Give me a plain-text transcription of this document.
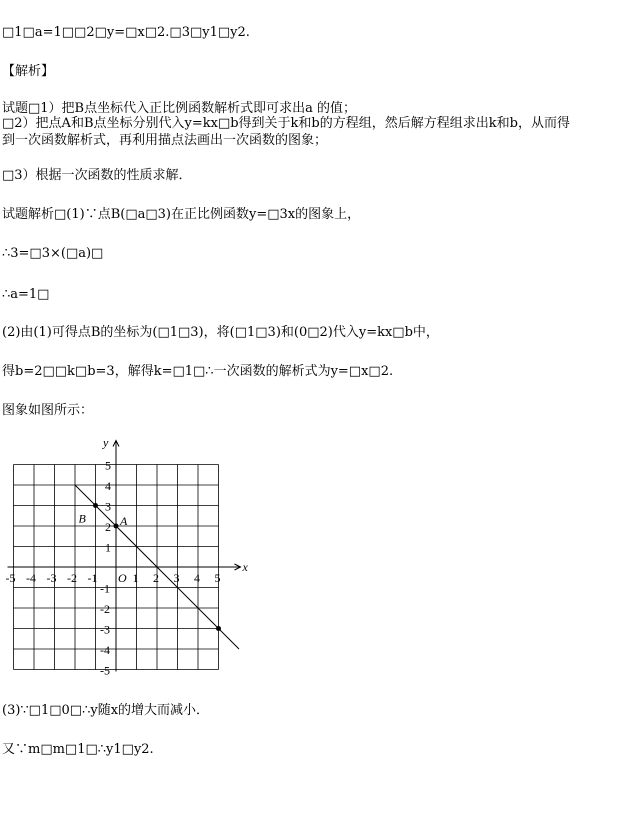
□1□a=1□□2□y=□x□2.□3□y1□y2.
【解析】
试题□1）把B点坐标代入正比例函数解析式即可求出a 的值；
□2）把点A和B点坐标分别代入y=kx□b得到关于k和b的方程组，然后解方程组求出k和b，从而得
到一次函数解析式，再利用描点法画出一次函数的图象；
□3）根据一次函数的性质求解．
试题解析□(1)∵点B(□a□3)在正比例函数y=□3x的图象上，
∴3=□3×(□a)□
∴a=1□
(2)由(1)可得点B的坐标为(□1□3)，将(□1□3)和(0□2)代入y=kx□b中，
得b=2□□k□b=3，解得k=□1□∴一次函数的解析式为y=□x□2.
图象如图所示：
x
y
O
A
B
-5 -4 -3 -2 -1	1 2 3 4 5
5
4
3
2
1
-1
-2
-3
-4
-5
(3)∵□1□0□∴y随x的增大而减小．
又∵m□m□1□∴y1□y2.
